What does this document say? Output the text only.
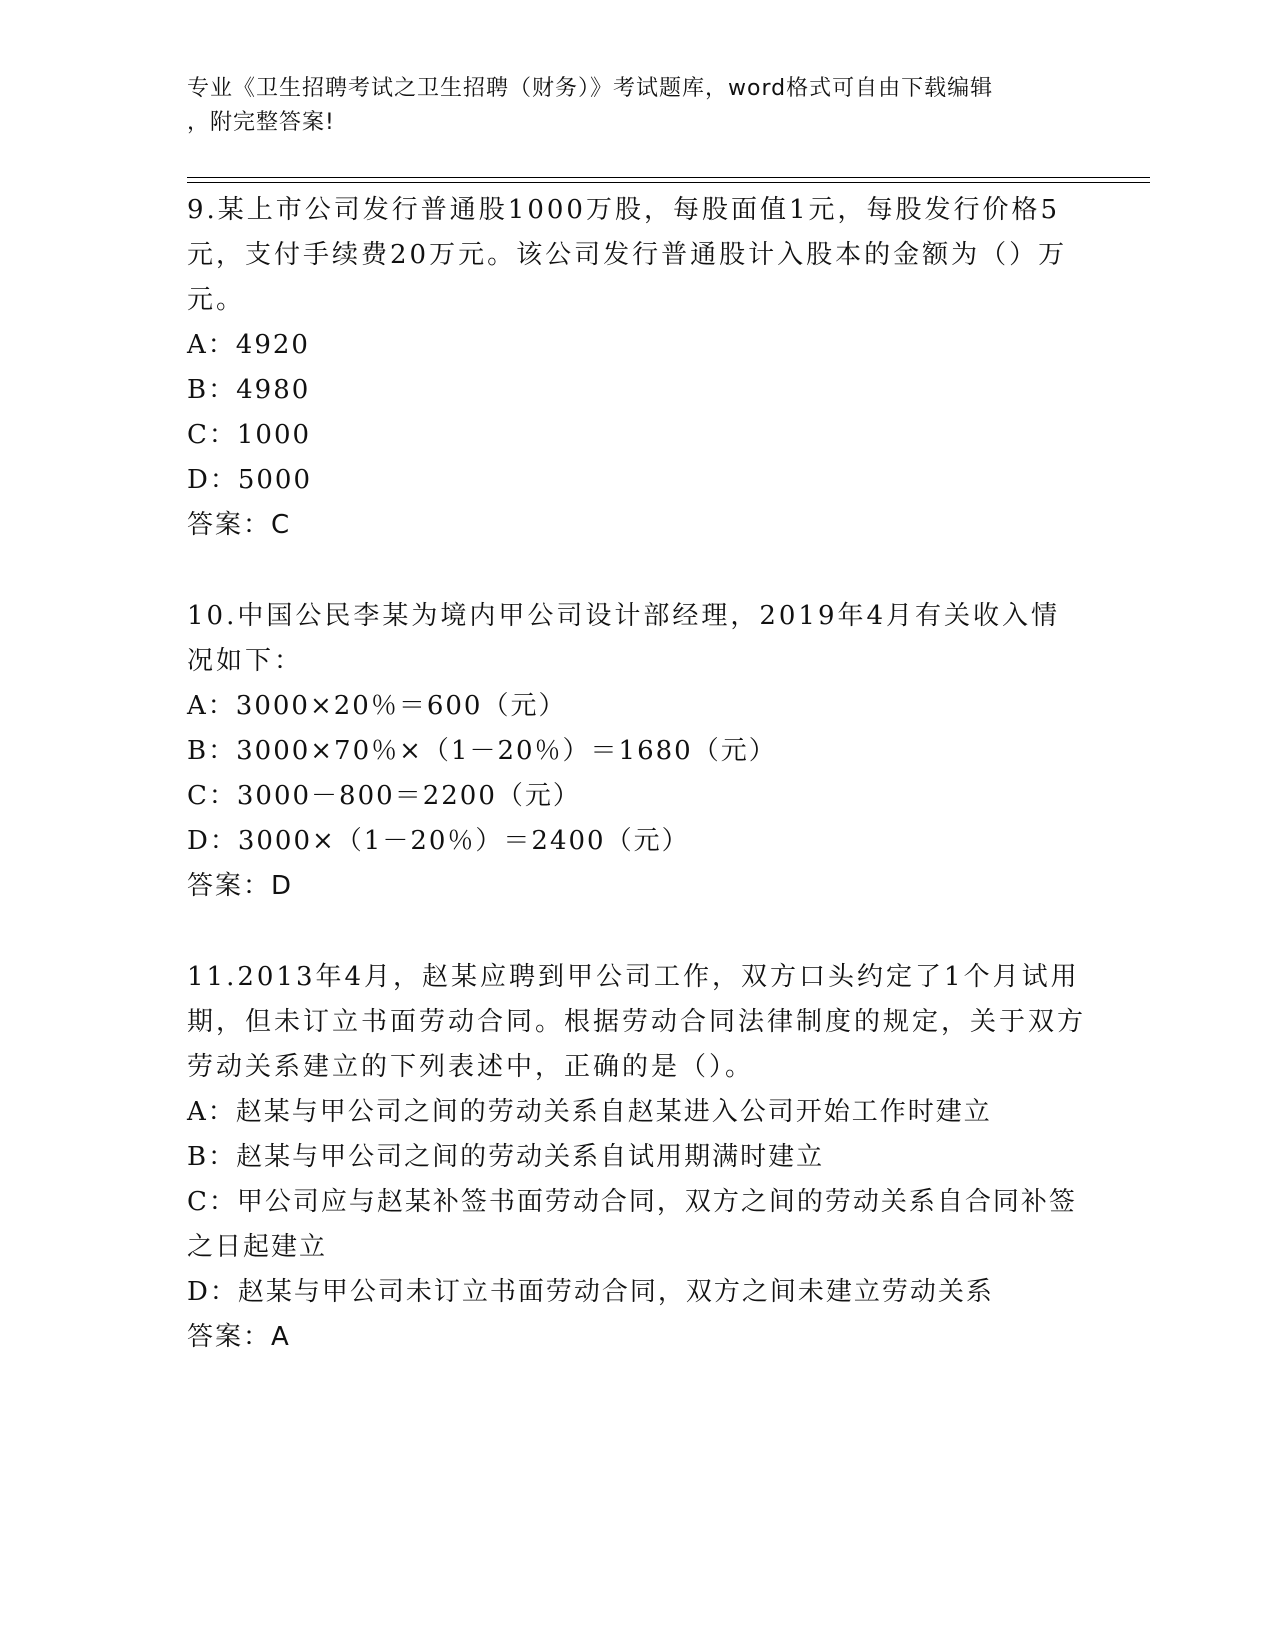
专业《卫生招聘考试之卫生招聘（财务）》考试题库，word格式可自由下载编辑
，附完整答案!
9.某上市公司发行普通股1000万股，每股面值1元，每股发行价格5元，支付手续费20万元。该公司发行普通股计入股本的金额为（）万元。
A：4920
B：4980
C：1000
D：5000
答案：C
10.中国公民李某为境内甲公司设计部经理，2019年4月有关收入情况如下：
A：3000×20％＝600（元）
B：3000×70％×（1－20％）＝1680（元）
C：3000－800＝2200（元）
D：3000×（1－20％）＝2400（元）
答案：D
11.2013年4月，赵某应聘到甲公司工作，双方口头约定了1个月试用期，但未订立书面劳动合同。根据劳动合同法律制度的规定，关于双方劳动关系建立的下列表述中，正确的是（）。
A：赵某与甲公司之间的劳动关系自赵某进入公司开始工作时建立
B：赵某与甲公司之间的劳动关系自试用期满时建立
C：甲公司应与赵某补签书面劳动合同，双方之间的劳动关系自合同补签之日起建立
D：赵某与甲公司未订立书面劳动合同，双方之间未建立劳动关系
答案：A
